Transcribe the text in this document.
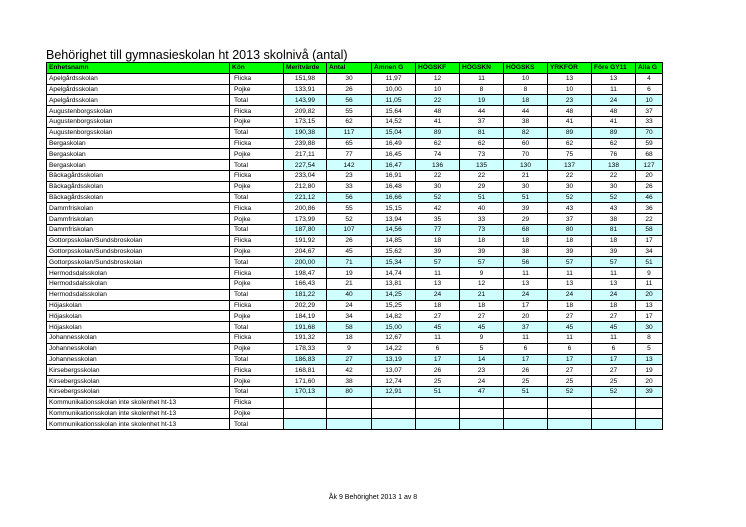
Behörighet till gymnasieskolan ht 2013 skolnivå (antal)
Enhetsnamn	Kön	Meritvärde	Antal	Ämnen G	HÖGSKF	HÖGSKN	HÖGSKS	YRKFÖR	Före GY11	Alla G
Apelgårdsskolan	Flicka	151,98	30	11,97	12	11	10	13	13	4
Apelgårdsskolan	Pojke	133,91	26	10,00	10	8	8	10	11	6
Apelgårdsskolan	Total	143,99	56	11,05	22	19	18	23	24	10
Augustenborgsskolan	Flicka	209,82	55	15,64	48	44	44	48	48	37
Augustenborgsskolan	Pojke	173,15	62	14,52	41	37	38	41	41	33
Augustenborgsskolan	Total	190,38	117	15,04	89	81	82	89	89	70
Bergaskolan	Flicka	239,88	65	16,49	62	62	60	62	62	59
Bergaskolan	Pojke	217,11	77	16,45	74	73	70	75	76	68
Bergaskolan	Total	227,54	142	16,47	136	135	130	137	138	127
Bäckagårdsskolan	Flicka	233,04	23	16,91	22	22	21	22	22	20
Bäckagårdsskolan	Pojke	212,80	33	16,48	30	29	30	30	30	26
Bäckagårdsskolan	Total	221,12	56	16,66	52	51	51	52	52	46
Dammfriskolan	Flicka	200,86	55	15,15	42	40	39	43	43	36
Dammfriskolan	Pojke	173,99	52	13,94	35	33	29	37	38	22
Dammfriskolan	Total	187,80	107	14,56	77	73	68	80	81	58
Gottorpsskolan/Sundsbroskolan	Flicka	191,92	26	14,85	18	18	18	18	18	17
Gottorpsskolan/Sundsbroskolan	Pojke	204,67	45	15,62	39	39	38	39	39	34
Gottorpsskolan/Sundsbroskolan	Total	200,00	71	15,34	57	57	56	57	57	51
Hermodsdalsskolan	Flicka	198,47	19	14,74	11	9	11	11	11	9
Hermodsdalsskolan	Pojke	166,43	21	13,81	13	12	13	13	13	11
Hermodsdalsskolan	Total	181,22	40	14,25	24	21	24	24	24	20
Höjaskolan	Flicka	202,29	24	15,25	18	18	17	18	18	13
Höjaskolan	Pojke	184,19	34	14,82	27	27	20	27	27	17
Höjaskolan	Total	191,68	58	15,00	45	45	37	45	45	30
Johannesskolan	Flicka	191,32	18	12,67	11	9	11	11	11	8
Johannesskolan	Pojke	178,33	9	14,22	6	5	6	6	6	5
Johannesskolan	Total	186,83	27	13,19	17	14	17	17	17	13
Kirsebergsskolan	Flicka	168,81	42	13,07	26	23	26	27	27	19
Kirsebergsskolan	Pojke	171,60	38	12,74	25	24	25	25	25	20
Kirsebergsskolan	Total	170,13	80	12,91	51	47	51	52	52	39
Kommunikationsskolan inte skolenhet ht-13	Flicka									
Kommunikationsskolan inte skolenhet ht-13	Pojke									
Kommunikationsskolan inte skolenhet ht-13	Total									
Åk 9 Behörighet 2013 1 av 8
